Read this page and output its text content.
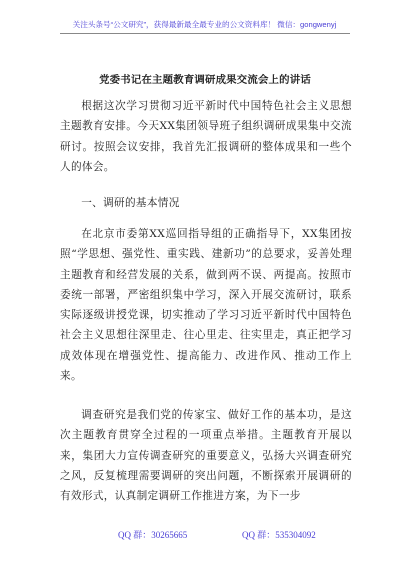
关注头条号“公文研究”，获得最新最全最专业的公文资料库！ 微信：gongwenyj
党委书记在主题教育调研成果交流会上的讲话

根据这次学习贯彻习近平新时代中国特色社会主义思想主题教育安排。今天XX集团领导班子组织调研成果集中交流研讨。按照会议安排，我首先汇报调研的整体成果和一些个人的体会。

一、调研的基本情况

在北京市委第XX巡回指导组的正确指导下，XX集团按照“学思想、强党性、重实践、建新功”的总要求，妥善处理主题教育和经营发展的关系，做到两不误、两提高。按照市委统一部署，严密组织集中学习，深入开展交流研讨，联系实际逐级讲授党课，切实推动了学习习近平新时代中国特色社会主义思想往深里走、往心里走、往实里走，真正把学习成效体现在增强党性、提高能力、改进作风、推动工作上来。

调查研究是我们党的传家宝、做好工作的基本功，是这次主题教育贯穿全过程的一项重点举措。主题教育开展以来，集团大力宣传调查研究的重要意义，弘扬大兴调查研究之风，反复梳理需要调研的突出问题，不断探索开展调研的有效形式，认真制定调研工作推进方案，为下一步

QQ 群：30265665	QQ 群：535304092
